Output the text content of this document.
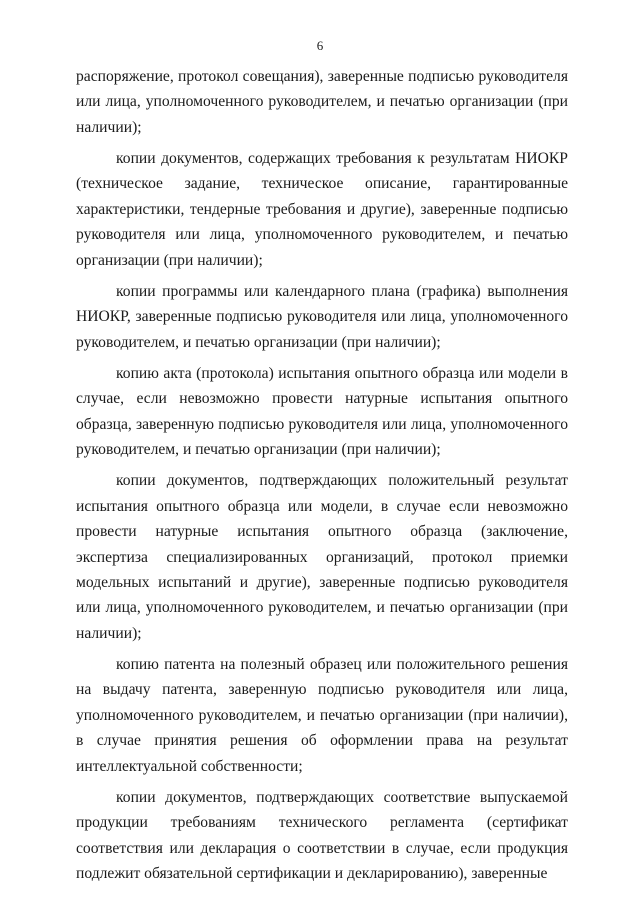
6

распоряжение, протокол совещания), заверенные подписью руководителя или лица, уполномоченного руководителем, и печатью организации (при наличии);

копии документов, содержащих требования к результатам НИОКР (техническое задание, техническое описание, гарантированные характеристики, тендерные требования и другие), заверенные подписью руководителя или лица, уполномоченного руководителем, и печатью организации (при наличии);

копии программы или календарного плана (графика) выполнения НИОКР, заверенные подписью руководителя или лица, уполномоченного руководителем, и печатью организации (при наличии);

копию акта (протокола) испытания опытного образца или модели в случае, если невозможно провести натурные испытания опытного образца, заверенную подписью руководителя или лица, уполномоченного руководителем, и печатью организации (при наличии);

копии документов, подтверждающих положительный результат испытания опытного образца или модели, в случае если невозможно провести натурные испытания опытного образца (заключение, экспертиза специализированных организаций, протокол приемки модельных испытаний и другие), заверенные подписью руководителя или лица, уполномоченного руководителем, и печатью организации (при наличии);

копию патента на полезный образец или положительного решения на выдачу патента, заверенную подписью руководителя или лица, уполномоченного руководителем, и печатью организации (при наличии), в случае принятия решения об оформлении права на результат интеллектуальной собственности;

копии документов, подтверждающих соответствие выпускаемой продукции требованиям технического регламента (сертификат соответствия или декларация о соответствии в случае, если продукция подлежит обязательной сертификации и декларированию), заверенные
